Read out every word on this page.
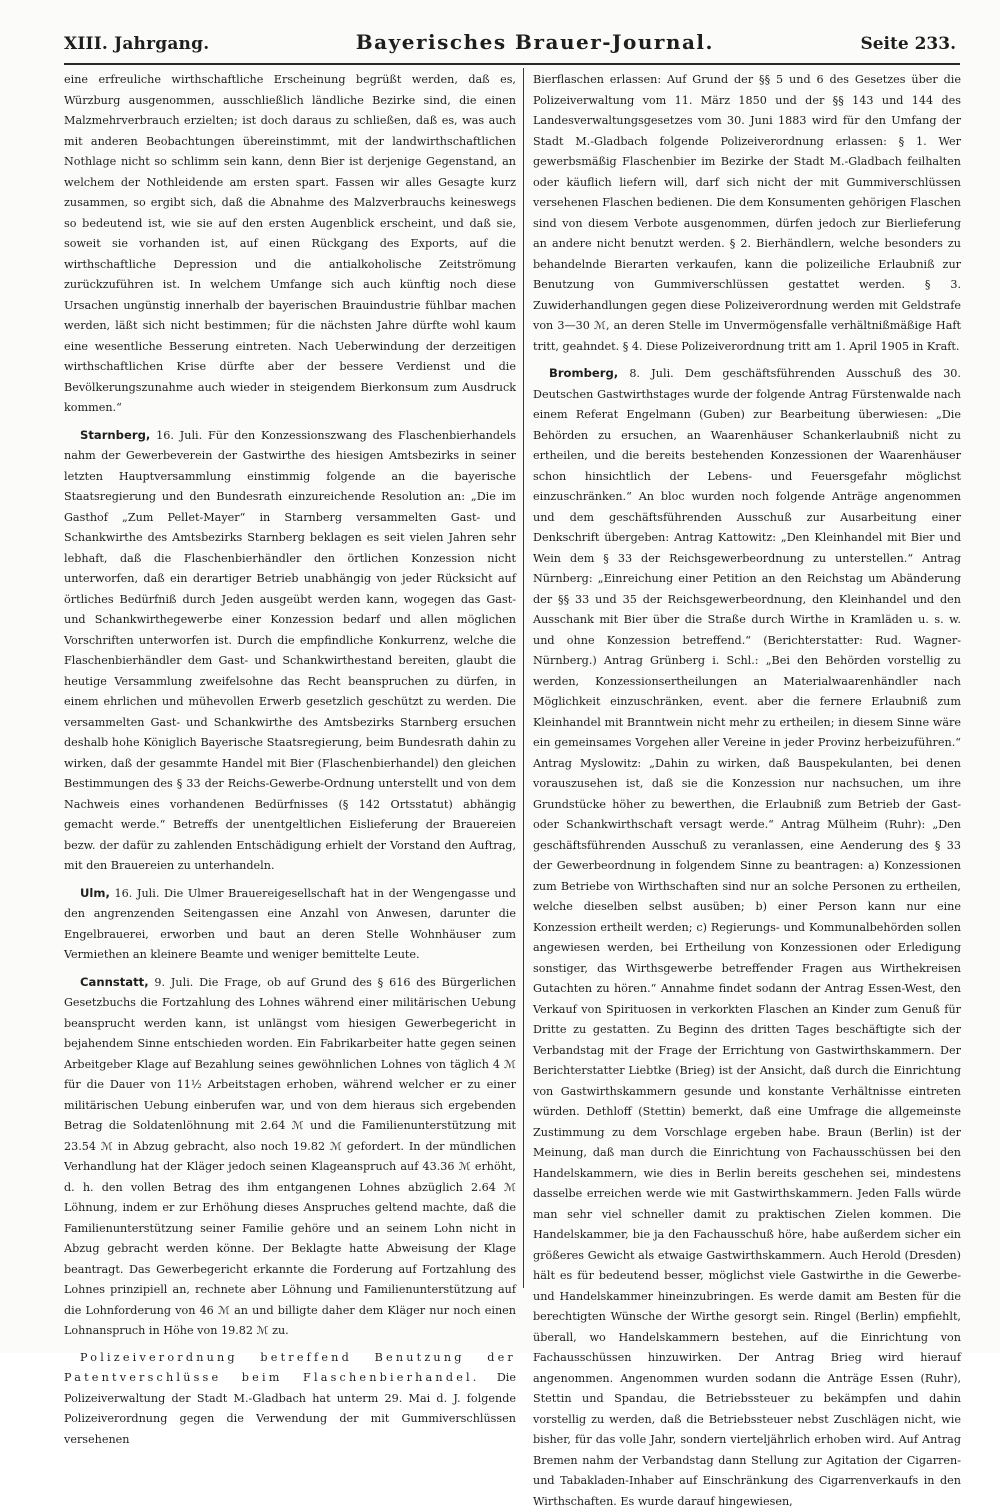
XIII. Jahrgang.	Bayerisches Brauer-Journal.	Seite 233.

eine erfreuliche wirthschaftliche Erscheinung begrüßt werden, daß es, Würzburg ausgenommen, ausschließlich ländliche Bezirke sind, die einen Malzmehrverbrauch erzielten; ist doch daraus zu schließen, daß es, was auch mit anderen Beobachtungen übereinstimmt, mit der landwirthschaftlichen Nothlage nicht so schlimm sein kann, denn Bier ist derjenige Gegenstand, an welchem der Nothleidende am ersten spart. Fassen wir alles Gesagte kurz zusammen, so ergibt sich, daß die Abnahme des Malzverbrauchs keineswegs so bedeutend ist, wie sie auf den ersten Augenblick erscheint, und daß sie, soweit sie vorhanden ist, auf einen Rückgang des Exports, auf die wirthschaftliche Depression und die antialkoholische Zeitströmung zurückzuführen ist. In welchem Umfange sich auch künftig noch diese Ursachen ungünstig innerhalb der bayerischen Brauindustrie fühlbar machen werden, läßt sich nicht bestimmen; für die nächsten Jahre dürfte wohl kaum eine wesentliche Besserung eintreten. Nach Ueberwindung der derzeitigen wirthschaftlichen Krise dürfte aber der bessere Verdienst und die Bevölkerungszunahme auch wieder in steigendem Bierkonsum zum Ausdruck kommen.“

Starnberg, 16. Juli. Für den Konzessionszwang des Flaschenbierhandels nahm der Gewerbeverein der Gastwirthe des hiesigen Amtsbezirks in seiner letzten Hauptversammlung einstimmig folgende an die bayerische Staatsregierung und den Bundesrath einzureichende Resolution an: „Die im Gasthof „Zum Pellet-Mayer“ in Starnberg versammelten Gast- und Schankwirthe des Amtsbezirks Starnberg beklagen es seit vielen Jahren sehr lebhaft, daß die Flaschenbierhändler den örtlichen Konzession nicht unterworfen, daß ein derartiger Betrieb unabhängig von jeder Rücksicht auf örtliches Bedürfniß durch Jeden ausgeübt werden kann, wogegen das Gast- und Schankwirthegewerbe einer Konzession bedarf und allen möglichen Vorschriften unterworfen ist. Durch die empfindliche Konkurrenz, welche die Flaschenbierhändler dem Gast- und Schankwirthestand bereiten, glaubt die heutige Versammlung zweifelsohne das Recht beanspruchen zu dürfen, in einem ehrlichen und mühevollen Erwerb gesetzlich geschützt zu werden. Die versammelten Gast- und Schankwirthe des Amtsbezirks Starnberg ersuchen deshalb hohe Königlich Bayerische Staatsregierung, beim Bundesrath dahin zu wirken, daß der gesammte Handel mit Bier (Flaschenbierhandel) den gleichen Bestimmungen des § 33 der Reichs-Gewerbe-Ordnung unterstellt und von dem Nachweis eines vorhandenen Bedürfnisses (§ 142 Ortsstatut) abhängig gemacht werde.“ Betreffs der unentgeltlichen Eislieferung der Brauereien bezw. der dafür zu zahlenden Entschädigung erhielt der Vorstand den Auftrag, mit den Brauereien zu unterhandeln.

Ulm, 16. Juli. Die Ulmer Brauereigesellschaft hat in der Wengengasse und den angrenzenden Seitengassen eine Anzahl von Anwesen, darunter die Engelbrauerei, erworben und baut an deren Stelle Wohnhäuser zum Vermiethen an kleinere Beamte und weniger bemittelte Leute.

Cannstatt, 9. Juli. Die Frage, ob auf Grund des § 616 des Bürgerlichen Gesetzbuchs die Fortzahlung des Lohnes während einer militärischen Uebung beansprucht werden kann, ist unlängst vom hiesigen Gewerbegericht in bejahendem Sinne entschieden worden. Ein Fabrikarbeiter hatte gegen seinen Arbeitgeber Klage auf Bezahlung seines gewöhnlichen Lohnes von täglich 4 ℳ für die Dauer von 11½ Arbeitstagen erhoben, während welcher er zu einer militärischen Uebung einberufen war, und von dem hieraus sich ergebenden Betrag die Soldatenlöhnung mit 2.64 ℳ und die Familienunterstützung mit 23.54 ℳ in Abzug gebracht, also noch 19.82 ℳ gefordert. In der mündlichen Verhandlung hat der Kläger jedoch seinen Klageanspruch auf 43.36 ℳ erhöht, d. h. den vollen Betrag des ihm entgangenen Lohnes abzüglich 2.64 ℳ Löhnung, indem er zur Erhöhung dieses Anspruches geltend machte, daß die Familienunterstützung seiner Familie gehöre und an seinem Lohn nicht in Abzug gebracht werden könne. Der Beklagte hatte Abweisung der Klage beantragt. Das Gewerbegericht erkannte die Forderung auf Fortzahlung des Lohnes prinzipiell an, rechnete aber Löhnung und Familienunterstützung auf die Lohnforderung von 46 ℳ an und billigte daher dem Kläger nur noch einen Lohnanspruch in Höhe von 19.82 ℳ zu.

Polizeiverordnung betreffend Benutzung der Patentverschlüsse beim Flaschenbierhandel. Die Polizeiverwaltung der Stadt M.-Gladbach hat unterm 29. Mai d. J. folgende Polizeiverordnung gegen die Verwendung der mit Gummiverschlüssen versehenen

Bierflaschen erlassen: Auf Grund der §§ 5 und 6 des Gesetzes über die Polizeiverwaltung vom 11. März 1850 und der §§ 143 und 144 des Landesverwaltungsgesetzes vom 30. Juni 1883 wird für den Umfang der Stadt M.-Gladbach folgende Polizeiverordnung erlassen: § 1. Wer gewerbsmäßig Flaschenbier im Bezirke der Stadt M.-Gladbach feilhalten oder käuflich liefern will, darf sich nicht der mit Gummiverschlüssen versehenen Flaschen bedienen. Die dem Konsumenten gehörigen Flaschen sind von diesem Verbote ausgenommen, dürfen jedoch zur Bierlieferung an andere nicht benutzt werden. § 2. Bierhändlern, welche besonders zu behandelnde Bierarten verkaufen, kann die polizeiliche Erlaubniß zur Benutzung von Gummiverschlüssen gestattet werden. § 3. Zuwiderhandlungen gegen diese Polizeiverordnung werden mit Geldstrafe von 3—30 ℳ, an deren Stelle im Unvermögensfalle verhältnißmäßige Haft tritt, geahndet. § 4. Diese Polizeiverordnung tritt am 1. April 1905 in Kraft.

Bromberg, 8. Juli. Dem geschäftsführenden Ausschuß des 30. Deutschen Gastwirthstages wurde der folgende Antrag Fürstenwalde nach einem Referat Engelmann (Guben) zur Bearbeitung überwiesen: „Die Behörden zu ersuchen, an Waarenhäuser Schankerlaubniß nicht zu ertheilen, und die bereits bestehenden Konzessionen der Waarenhäuser schon hinsichtlich der Lebens- und Feuersgefahr möglichst einzuschränken.“ An bloc wurden noch folgende Anträge angenommen und dem geschäftsführenden Ausschuß zur Ausarbeitung einer Denkschrift übergeben: Antrag Kattowitz: „Den Kleinhandel mit Bier und Wein dem § 33 der Reichsgewerbeordnung zu unterstellen.“ Antrag Nürnberg: „Einreichung einer Petition an den Reichstag um Abänderung der §§ 33 und 35 der Reichsgewerbeordnung, den Kleinhandel und den Ausschank mit Bier über die Straße durch Wirthe in Kramläden u. s. w. und ohne Konzession betreffend.“ (Berichterstatter: Rud. Wagner-Nürnberg.) Antrag Grünberg i. Schl.: „Bei den Behörden vorstellig zu werden, Konzessionsertheilungen an Materialwaarenhändler nach Möglichkeit einzuschränken, event. aber die fernere Erlaubniß zum Kleinhandel mit Branntwein nicht mehr zu ertheilen; in diesem Sinne wäre ein gemeinsames Vorgehen aller Vereine in jeder Provinz herbeizuführen.“ Antrag Myslowitz: „Dahin zu wirken, daß Bauspekulanten, bei denen vorauszusehen ist, daß sie die Konzession nur nachsuchen, um ihre Grundstücke höher zu bewerthen, die Erlaubniß zum Betrieb der Gast- oder Schankwirthschaft versagt werde.“ Antrag Mülheim (Ruhr): „Den geschäftsführenden Ausschuß zu veranlassen, eine Aenderung des § 33 der Gewerbeordnung in folgendem Sinne zu beantragen: a) Konzessionen zum Betriebe von Wirthschaften sind nur an solche Personen zu ertheilen, welche dieselben selbst ausüben; b) einer Person kann nur eine Konzession ertheilt werden; c) Regierungs- und Kommunalbehörden sollen angewiesen werden, bei Ertheilung von Konzessionen oder Erledigung sonstiger, das Wirthsgewerbe betreffender Fragen aus Wirthekreisen Gutachten zu hören.“ Annahme findet sodann der Antrag Essen-West, den Verkauf von Spirituosen in verkorkten Flaschen an Kinder zum Genuß für Dritte zu gestatten. Zu Beginn des dritten Tages beschäftigte sich der Verbandstag mit der Frage der Errichtung von Gastwirthskammern. Der Berichterstatter Liebtke (Brieg) ist der Ansicht, daß durch die Einrichtung von Gastwirthskammern gesunde und konstante Verhältnisse eintreten würden. Dethloff (Stettin) bemerkt, daß eine Umfrage die allgemeinste Zustimmung zu dem Vorschlage ergeben habe. Braun (Berlin) ist der Meinung, daß man durch die Einrichtung von Fachausschüssen bei den Handelskammern, wie dies in Berlin bereits geschehen sei, mindestens dasselbe erreichen werde wie mit Gastwirthskammern. Jeden Falls würde man sehr viel schneller damit zu praktischen Zielen kommen. Die Handelskammer, bie ja den Fachausschuß höre, habe außerdem sicher ein größeres Gewicht als etwaige Gastwirthskammern. Auch Herold (Dresden) hält es für bedeutend besser, möglichst viele Gastwirthe in die Gewerbe- und Handelskammer hineinzubringen. Es werde damit am Besten für die berechtigten Wünsche der Wirthe gesorgt sein. Ringel (Berlin) empfiehlt, überall, wo Handelskammern bestehen, auf die Einrichtung von Fachausschüssen hinzuwirken. Der Antrag Brieg wird hierauf angenommen. Angenommen wurden sodann die Anträge Essen (Ruhr), Stettin und Spandau, die Betriebssteuer zu bekämpfen und dahin vorstellig zu werden, daß die Betriebssteuer nebst Zuschlägen nicht, wie bisher, für das volle Jahr, sondern vierteljährlich erhoben wird. Auf Antrag Bremen nahm der Verbandstag dann Stellung zur Agitation der Cigarren- und Tabakladen-Inhaber auf Einschränkung des Cigarrenverkaufs in den Wirthschaften. Es wurde darauf hingewiesen,
